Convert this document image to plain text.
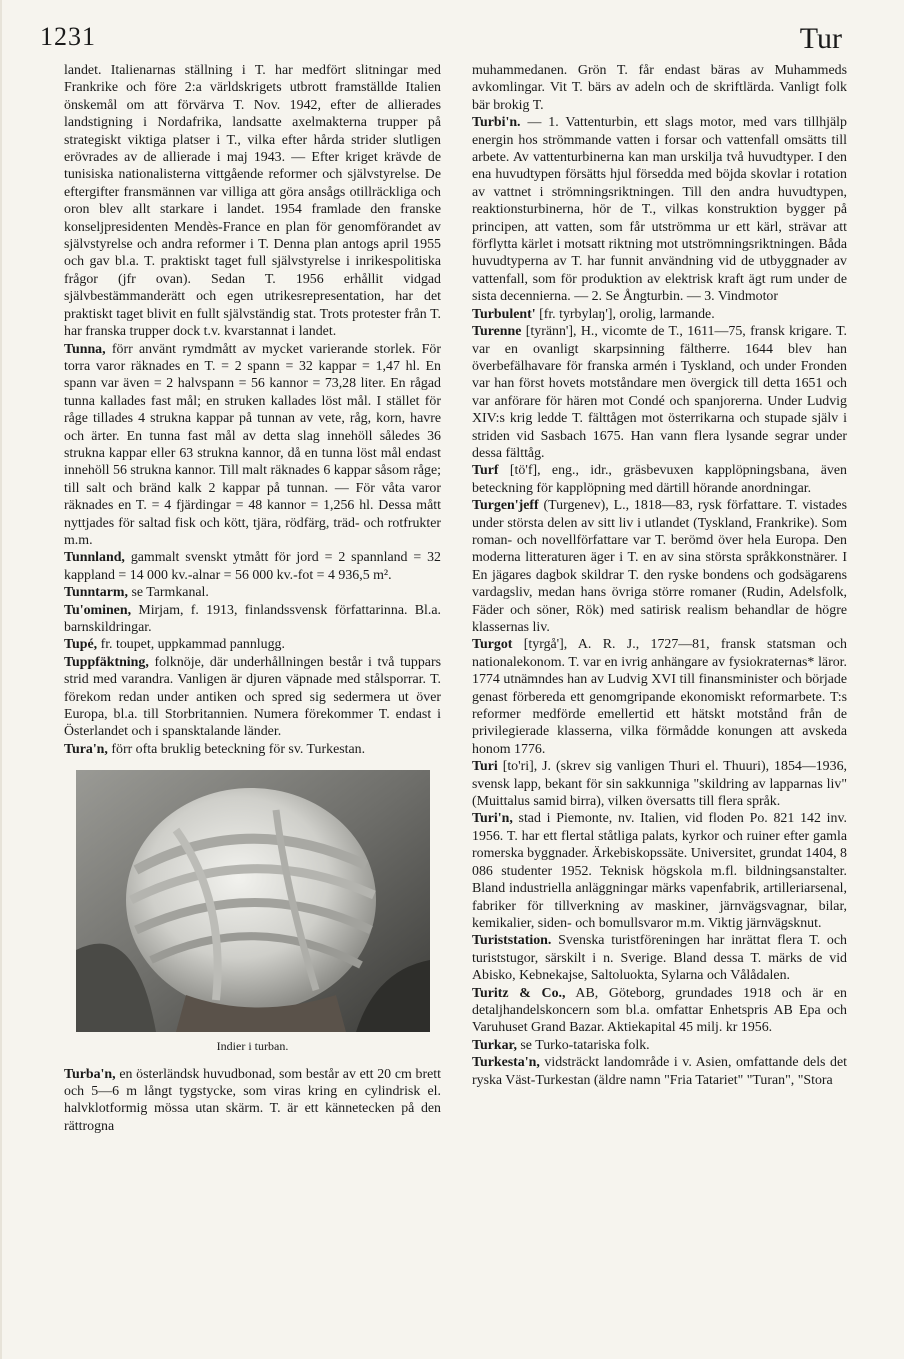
1231	Tur

landet. Italienarnas ställning i T. har medfört slitningar med Frankrike och före 2:a världskrigets utbrott framställde Italien önskemål om att förvärva T. Nov. 1942, efter de allierades landstigning i Nordafrika, landsatte axelmakterna trupper på strategiskt viktiga platser i T., vilka efter hårda strider slutligen erövrades av de allierade i maj 1943. — Efter kriget krävde de tunisiska nationalisterna vittgående reformer och självstyrelse. De eftergifter fransmännen var villiga att göra ansågs otillräckliga och oron blev allt starkare i landet. 1954 framlade den franske konseljpresidenten Mendès-France en plan för genomförandet av självstyrelse och andra reformer i T. Denna plan antogs april 1955 och gav bl.a. T. praktiskt taget full självstyrelse i inrikespolitiska frågor (jfr ovan). Sedan T. 1956 erhållit vidgad självbestämmanderätt och egen utrikesrepresentation, har det praktiskt taget blivit en fullt självständig stat. Trots protester från T. har franska trupper dock t.v. kvarstannat i landet.

Tunna, förr använt rymdmått av mycket varierande storlek. För torra varor räknades en T. = 2 spann = 32 kappar = 1,47 hl. En spann var även = 2 halvspann = 56 kannor = 73,28 liter. En rågad tunna kallades fast mål; en struken kallades löst mål. I stället för råge tillades 4 strukna kappar på tunnan av vete, råg, korn, havre och ärter. En tunna fast mål av detta slag innehöll således 36 strukna kappar eller 63 strukna kannor, då en tunna löst mål endast innehöll 56 strukna kannor. Till malt räknades 6 kappar såsom råge; till salt och bränd kalk 2 kappar på tunnan. — För våta varor räknades en T. = 4 fjärdingar = 48 kannor = 1,256 hl. Dessa mått nyttjades för saltad fisk och kött, tjära, rödfärg, träd- och rotfrukter m.m.

Tunnland, gammalt svenskt ytmått för jord = 2 spannland = 32 kappland = 14 000 kv.-alnar = 56 000 kv.-fot = 4 936,5 m².

Tunntarm, se Tarmkanal.

Tu'ominen, Mirjam, f. 1913, finlandssvensk författarinna. Bl.a. barnskildringar.

Tupé, fr. toupet, uppkammad pannlugg.

Tuppfäktning, folknöje, där underhållningen består i två tuppars strid med varandra. Vanligen är djuren väpnade med stålsporrar. T. förekom redan under antiken och spred sig sedermera ut över Europa, bl.a. till Storbritannien. Numera förekommer T. endast i Österlandet och i spansktalande länder.

Tura'n, förr ofta bruklig beteckning för sv. Turkestan.

Indier i turban.

Turba'n, en österländsk huvudbonad, som består av ett 20 cm brett och 5—6 m långt tygstycke, som viras kring en cylindrisk el. halvklotformig mössa utan skärm. T. är ett kännetecken på den rättrogna

muhammedanen. Grön T. får endast bäras av Muhammeds avkomlingar. Vit T. bärs av adeln och de skriftlärda. Vanligt folk bär brokig T.

Turbi'n. — 1. Vattenturbin, ett slags motor, med vars tillhjälp energin hos strömmande vatten i forsar och vattenfall omsätts till arbete. Av vattenturbinerna kan man urskilja två huvudtyper. I den ena huvudtypen försätts hjul försedda med böjda skovlar i rotation av vattnet i strömningsriktningen. Till den andra huvudtypen, reaktionsturbinerna, hör de T., vilkas konstruktion bygger på principen, att vatten, som får utströmma ur ett kärl, strävar att förflytta kärlet i motsatt riktning mot utströmningsriktningen. Båda huvudtyperna av T. har funnit användning vid de utbyggnader av vattenfall, som för produktion av elektrisk kraft ägt rum under de sista decennierna. — 2. Se Ångturbin. — 3. Vindmotor

Turbulent' [fr. tyrbylaŋ'], orolig, larmande.

Turenne [tyränn'], H., vicomte de T., 1611—75, fransk krigare. T. var en ovanligt skarpsinning fältherre. 1644 blev han överbefälhavare för franska armén i Tyskland, och under Fronden var han först hovets motståndare men övergick till detta 1651 och var anförare för hären mot Condé och spanjorerna. Under Ludvig XIV:s krig ledde T. fälttågen mot österrikarna och stupade själv i striden vid Sasbach 1675. Han vann flera lysande segrar under dessa fälttåg.

Turf [tö'f], eng., idr., gräsbevuxen kapplöpningsbana, även beteckning för kapplöpning med därtill hörande anordningar.

Turgen'jeff (Turgenev), L., 1818—83, rysk författare. T. vistades under största delen av sitt liv i utlandet (Tyskland, Frankrike). Som roman- och novellförfattare var T. berömd över hela Europa. Den moderna litteraturen äger i T. en av sina största språkkonstnärer. I En jägares dagbok skildrar T. den ryske bondens och godsägarens vardagsliv, medan hans övriga större romaner (Rudin, Adelsfolk, Fäder och söner, Rök) med satirisk realism behandlar de högre klassernas liv.

Turgot [tyrgå'], A. R. J., 1727—81, fransk statsman och nationalekonom. T. var en ivrig anhängare av fysiokraternas* läror. 1774 utnämndes han av Ludvig XVI till finansminister och började genast förbereda ett genomgripande ekonomiskt reformarbete. T:s reformer medförde emellertid ett hätskt motstånd från de privilegierade klasserna, vilka förmådde konungen att avskeda honom 1776.

Turi [to'ri], J. (skrev sig vanligen Thuri el. Thuuri), 1854—1936, svensk lapp, bekant för sin sakkunniga "skildring av lapparnas liv" (Muittalus samid birra), vilken översatts till flera språk.

Turi'n, stad i Piemonte, nv. Italien, vid floden Po. 821 142 inv. 1956. T. har ett flertal ståtliga palats, kyrkor och ruiner efter gamla romerska byggnader. Ärkebiskopssäte. Universitet, grundat 1404, 8 086 studenter 1952. Teknisk högskola m.fl. bildningsanstalter. Bland industriella anläggningar märks vapenfabrik, artilleriarsenal, fabriker för tillverkning av maskiner, järnvägsvagnar, bilar, kemikalier, siden- och bomullsvaror m.m. Viktig järnvägsknut.

Turiststation. Svenska turistföreningen har inrättat flera T. och turiststugor, särskilt i n. Sverige. Bland dessa T. märks de vid Abisko, Kebnekajse, Saltoluokta, Sylarna och Vålådalen.

Turitz & Co., AB, Göteborg, grundades 1918 och är en detaljhandelskoncern som bl.a. omfattar Enhetspris AB Epa och Varuhuset Grand Bazar. Aktiekapital 45 milj. kr 1956.

Turkar, se Turko-tatariska folk.

Turkesta'n, vidsträckt landområde i v. Asien, omfattande dels det ryska Väst-Turkestan (äldre namn "Fria Tatariet" "Turan", "Stora
